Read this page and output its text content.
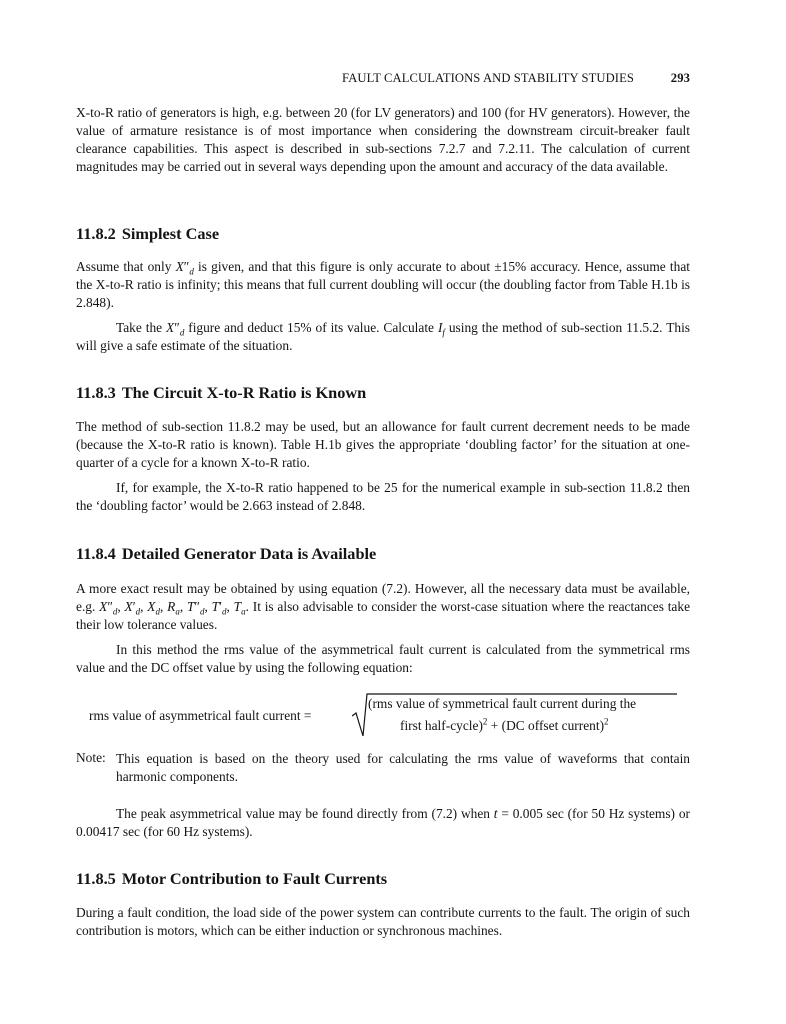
FAULT CALCULATIONS AND STABILITY STUDIES	293

X-to-R ratio of generators is high, e.g. between 20 (for LV generators) and 100 (for HV generators). However, the value of armature resistance is of most importance when considering the downstream circuit-breaker fault clearance capabilities. This aspect is described in sub-sections 7.2.7 and 7.2.11. The calculation of current magnitudes may be carried out in several ways depending upon the amount and accuracy of the data available.

11.8.2 Simplest Case

Assume that only $X''_d$ is given, and that this figure is only accurate to about ±15% accuracy. Hence, assume that the X-to-R ratio is infinity; this means that full current doubling will occur (the doubling factor from Table H.1b is 2.848).

Take the $X''_d$ figure and deduct 15% of its value. Calculate $I_f$ using the method of sub-section 11.5.2. This will give a safe estimate of the situation.

11.8.3 The Circuit X-to-R Ratio is Known

The method of sub-section 11.8.2 may be used, but an allowance for fault current decrement needs to be made (because the X-to-R ratio is known). Table H.1b gives the appropriate ‘doubling factor’ for the situation at one-quarter of a cycle for a known X-to-R ratio.

If, for example, the X-to-R ratio happened to be 25 for the numerical example in sub-section 11.8.2 then the ‘doubling factor’ would be 2.663 instead of 2.848.

11.8.4 Detailed Generator Data is Available

A more exact result may be obtained by using equation (7.2). However, all the necessary data must be available, e.g. $X''_d$, $X'_d$, $X_d$, $R_a$, $T''_d$, $T'_d$, $T_a$. It is also advisable to consider the worst-case situation where the reactances take their low tolerance values.

In this method the rms value of the asymmetrical fault current is calculated from the symmetrical rms value and the DC offset value by using the following equation:

rms value of asymmetrical fault current =
(rms value of symmetrical fault current during the
first half-cycle)$^2$ + (DC offset current)$^2$
Note: This equation is based on the theory used for calculating the rms value of waveforms that contain harmonic components.

The peak asymmetrical value may be found directly from (7.2) when t = 0.005 sec (for 50 Hz systems) or 0.00417 sec (for 60 Hz systems).

11.8.5 Motor Contribution to Fault Currents

During a fault condition, the load side of the power system can contribute currents to the fault. The origin of such contribution is motors, which can be either induction or synchronous machines.
